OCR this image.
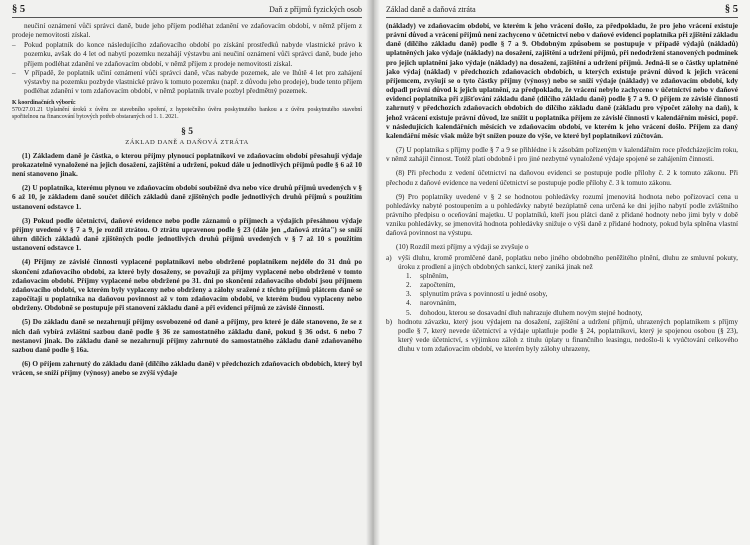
§ 5	Daň z příjmů fyzických osob
neučiní oznámení vůči správci daně, bude jeho příjem podléhat zdanění ve zdaňovacím období, v němž příjem z prodeje nemovitosti získal.
–	Pokud poplatník do konce následujícího zdaňovacího období po získání prostředků nabyde vlastnické právo k pozemku, avšak do 4 let od nabytí pozemku nezahájí výstavbu ani neučiní oznámení vůči správci daně, bude jeho příjem podléhat zdanění ve zdaňovacím období, v němž příjem z prodeje nemovitosti získal.
–	V případě, že poplatník učiní oznámení vůči správci daně, včas nabyde pozemek, ale ve lhůtě 4 let pro zahájení výstavby na pozemku pozbyde vlastnické právo k tomuto pozemku (např. z důvodu jeho prodeje), bude tento příjem podléhat zdanění v tom zdaňovacím období, v němž poplatník trvale pozbyl předmětný pozemek.
K koordinačních výborů:
570/27.01.21 Uplatnění úroků z úvěru ze stavebního spoření, z hypotečního úvěru poskytnutého bankou a z úvěru poskytnutého stavební spořitelnou na financování bytových potřeb obstaraných od 1. 1. 2021.
§ 5
ZÁKLAD DANĚ A DAŇOVÁ ZTRÁTA
(1) Základem daně je částka, o kterou příjmy plynoucí poplatníkovi ve zdaňovacím období přesahují výdaje prokazatelně vynaložené na jejich dosažení, zajištění a udržení, pokud dále u jednotlivých příjmů podle § 6 až 10 není stanoveno jinak.
(2) U poplatníka, kterému plynou ve zdaňovacím období souběžně dva nebo více druhů příjmů uvedených v § 6 až 10, je základem daně součet dílčích základů daně zjištěných podle jednotlivých druhů příjmů s použitím ustanovení odstavce 1.
(3) Pokud podle účetnictví, daňové evidence nebo podle záznamů o příjmech a výdajích přesáhnou výdaje příjmy uvedené v § 7 a 9, je rozdíl ztrátou. O ztrátu upravenou podle § 23 (dále jen „daňová ztráta") se sníží úhrn dílčích základů daně zjištěných podle jednotlivých druhů příjmů uvedených v § 7 až 10 s použitím ustanovení odstavce 1.
(4) Příjmy ze závislé činnosti vyplacené poplatníkovi nebo obdržené poplatníkem nejdéle do 31 dnů po skončení zdaňovacího období, za které byly dosaženy, se považují za příjmy vyplacené nebo obdržené v tomto zdaňovacím období. Příjmy vyplacené nebo obdržené po 31. dni po skončení zdaňovacího období jsou příjmem zdaňovacího období, ve kterém byly vyplaceny nebo obdrženy a zálohy sražené z těchto příjmů plátcem daně se započítají u poplatníka na daňovou povinnost až v tom zdaňovacím období, ve kterém budou vyplaceny nebo obdrženy. Obdobně se postupuje při stanovení základu daně a při evidenci příjmů ze závislé činnosti.
(5) Do základu daně se nezahrnují příjmy osvobozené od daně a příjmy, pro které je dále stanoveno, že se z nich daň vybírá zvláštní sazbou daně podle § 36 ze samostatného základu daně, pokud § 36 odst. 6 nebo 7 nestanoví jinak. Do základu daně se nezahrnují příjmy zahrnuté do samostatného základu daně zdaňovaného sazbou daně podle § 16a.
(6) O příjem zahrnutý do základu daně (dílčího základu daně) v předchozích zdaňovacích obdobích, který byl vrácen, se sníží příjmy (výnosy) anebo se zvýší výdaje
Základ daně a daňová ztráta	§ 5
(náklady) ve zdaňovacím období, ve kterém k jeho vrácení došlo, za předpokladu, že pro jeho vrácení existuje právní důvod a vrácení příjmů není zachyceno v účetnictví nebo v daňové evidenci poplatníka při zjištění základu daně (dílčího základu daně) podle § 7 a 9. Obdobným způsobem se postupuje v případě výdajů (nákladů) uplatněných jako výdaje (náklady) na dosažení, zajištění a udržení příjmů, při nedodržení stanovených podmínek pro jejich uplatnění jako výdaje (náklady) na dosažení, zajištění a udržení příjmů. Jedná-li se o částky uplatněné jako výdaj (náklad) v předchozích zdaňovacích obdobích, u kterých existuje právní důvod k jejich vrácení příjemcem, zvyšují se o tyto částky příjmy (výnosy) nebo se sníží výdaje (náklady) ve zdaňovacím období, kdy odpadl právní důvod k jejich uplatnění, za předpokladu, že vrácení nebylo zachyceno v účetnictví nebo v daňové evidenci poplatníka při zjišťování základu daně (dílčího základu daně) podle § 7 a 9. O příjem ze závislé činnosti zahrnutý v předchozích zdaňovacích obdobích do dílčího základu daně (základu pro výpočet zálohy na daň), k jehož vrácení existuje právní důvod, lze snížit u poplatníka příjem ze závislé činnosti v kalendářním měsíci, popř. v následujících kalendářních měsících ve zdaňovacím období, ve kterém k jeho vrácení došlo. Příjem za daný kalendářní měsíc však může být snížen pouze do výše, ve které byl poplatníkovi zúčtován.
(7) U poplatníka s příjmy podle § 7 a 9 se přihlédne i k zásobám pořízeným v kalendářním roce předcházejícím roku, v němž zahájil činnost. Totéž platí obdobně i pro jiné nezbytné vynaložené výdaje spojené se zahájením činnosti.
(8) Při přechodu z vedení účetnictví na daňovou evidenci se postupuje podle přílohy č. 2 k tomuto zákonu. Při přechodu z daňové evidence na vedení účetnictví se postupuje podle přílohy č. 3 k tomuto zákonu.
(9) Pro poplatníky uvedené v § 2 se hodnotou pohledávky rozumí jmenovitá hodnota nebo pořizovací cena u pohledávky nabyté postoupením a u pohledávky nabyté bezúplatně cena určená ke dni jejího nabytí podle zvláštního právního předpisu o oceňování majetku. U poplatníků, kteří jsou plátci daně z přidané hodnoty nebo jimi byly v době vzniku pohledávky, se jmenovitá hodnota pohledávky snižuje o výši daně z přidané hodnoty, pokud byla splněna vlastní daňová povinnost na výstupu.
(10) Rozdíl mezi příjmy a výdaji se zvyšuje o
a) výši dluhu, kromě promlčené daně, poplatku nebo jiného obdobného peněžitého plnění, dluhu ze smluvní pokuty, úroku z prodlení a jiných obdobných sankcí, který zaniká jinak než
1.	splněním,
2.	započtením,
3.	splynutím práva s povinností u jedné osoby,
4.	narovnáním,
5.	dohodou, kterou se dosavadní dluh nahrazuje dluhem novým stejné hodnoty,
b) hodnotu závazku, který jsou výdajem na dosažení, zajištění a udržení příjmů, uhrazených poplatníkem s příjmy podle § 7, který nevede účetnictví a výdaje uplatňuje podle § 24, poplatníkovi, který je spojenou osobou (§ 23), který vede účetnictví, s výjimkou záloh z titulu úplaty u finančního leasingu, nedošlo-li k vyúčtování celkového dluhu v tom zdaňovacím období, ve kterém byly zálohy uhrazeny,
